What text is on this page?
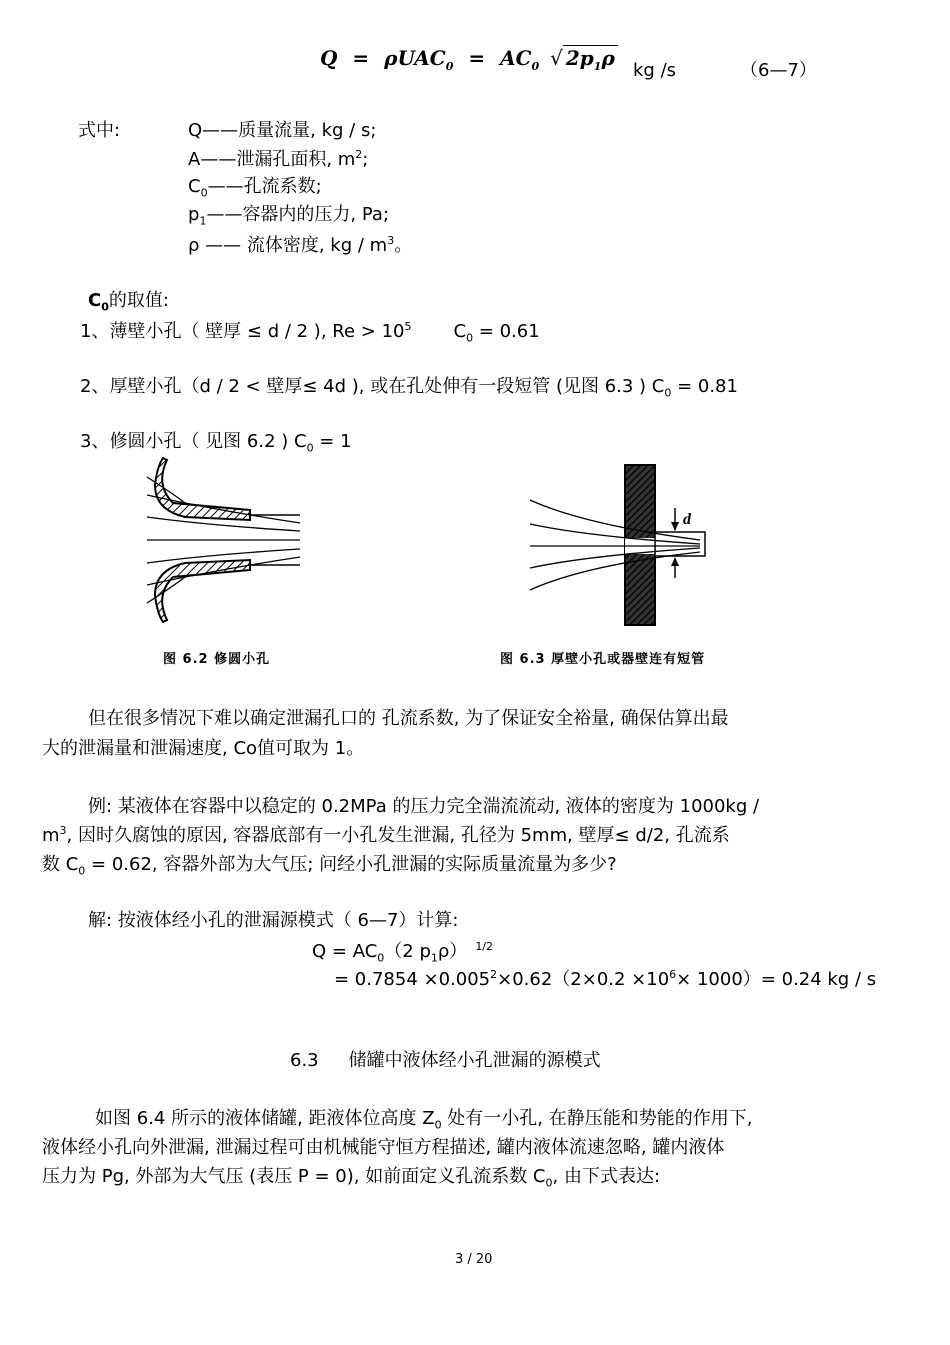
$Q = \rho UAC_0 = AC_0$ √ $2p_1\rho$
kg /s	（6—7）
式中:	Q——质量流量, kg / s;
A——泄漏孔面积, $m^2$;
$C_0——$孔流系数;
$p_1——$容器内的压力, Pa;
ρ —— 流体密度, kg / $m^3$。
$C_0$的取值:
1、薄壁小孔（ 壁厚 ≤ d / 2 ), $Re > 10^5$ $C_0 = 0.61$
2、厚壁小孔（d / 2 < 壁厚≤ 4d ), 或在孔处伸有一段短管 (见图 6.3 ) $C_0 = 0.81$
3、修圆小孔（ 见图 6.2 ) $C_0 = 1$
d
图 6.2 修圆小孔	图 6.3 厚壁小孔或器壁连有短管
但在很多情况下难以确定泄漏孔口的 孔流系数, 为了保证安全裕量, 确保估算出最
大的泄漏量和泄漏速度, Co值可取为 1。
例: 某液体在容器中以稳定的 0.2MPa 的压力完全湍流流动, 液体的密度为 1000kg /
$m^3$, 因时久腐蚀的原因, 容器底部有一小孔发生泄漏, 孔径为 5mm, 壁厚≤ d/2, 孔流系
数 $C_0 = 0.62$, 容器外部为大气压; 问经小孔泄漏的实际质量流量为多少?
解: 按液体经小孔的泄漏源模式（ 6—7）计算:
$Q = AC_0(2$ $p_1\rho$） $^{1/2}$
= $0.7854 \times 0.005^2\times 0.62(2\times 0.2 \times 10^6\times 1000)= 0.24$ kg / s
6.3 储罐中液体经小孔泄漏的源模式
如图 6.4 所示的液体储罐, 距液体位高度 $Z_0$ 处有一小孔, 在静压能和势能的作用下,
液体经小孔向外泄漏, 泄漏过程可由机械能守恒方程描述, 罐内液体流速忽略, 罐内液体
压力为 Pg, 外部为大气压 (表压 P = 0), 如前面定义孔流系数 $C_0$, 由下式表达:
3 / 20
